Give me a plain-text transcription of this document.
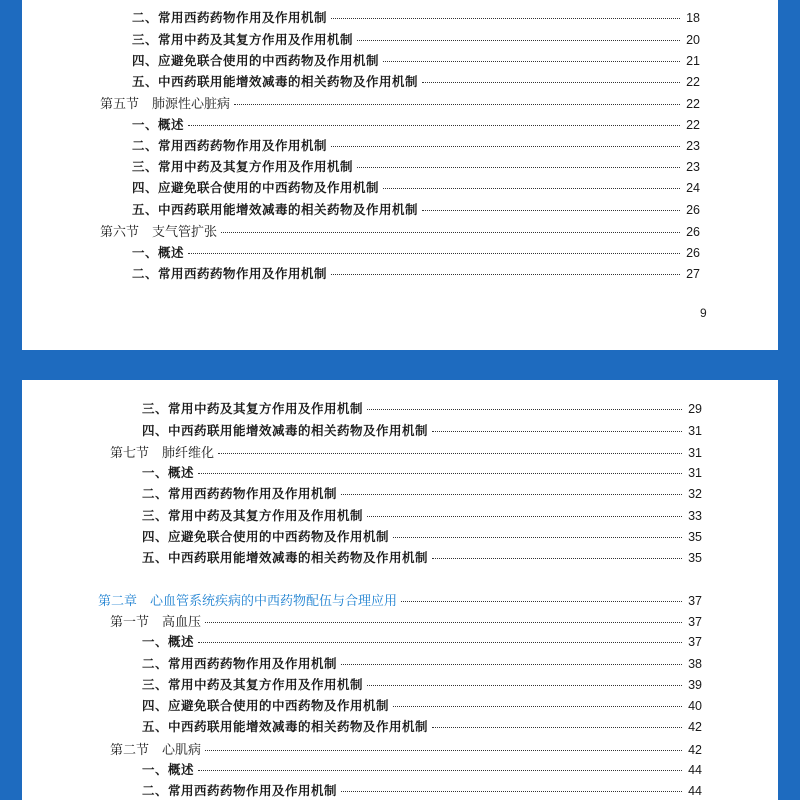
二、常用西药药物作用及作用机制	18
三、常用中药及其复方作用及作用机制	20
四、应避免联合使用的中西药物及作用机制	21
五、中西药联用能增效减毒的相关药物及作用机制	22
第五节　肺源性心脏病	22
一、概述	22
二、常用西药药物作用及作用机制	23
三、常用中药及其复方作用及作用机制	23
四、应避免联合使用的中西药物及作用机制	24
五、中西药联用能增效减毒的相关药物及作用机制	26
第六节　支气管扩张	26
一、概述	26
二、常用西药药物作用及作用机制	27
9
三、常用中药及其复方作用及作用机制	29
四、中西药联用能增效减毒的相关药物及作用机制	31
第七节　肺纤维化	31
一、概述	31
二、常用西药药物作用及作用机制	32
三、常用中药及其复方作用及作用机制	33
四、应避免联合使用的中西药物及作用机制	35
五、中西药联用能增效减毒的相关药物及作用机制	35
第二章　心血管系统疾病的中西药物配伍与合理应用	37
第一节　高血压	37
一、概述	37
二、常用西药药物作用及作用机制	38
三、常用中药及其复方作用及作用机制	39
四、应避免联合使用的中西药物及作用机制	40
五、中西药联用能增效减毒的相关药物及作用机制	42
第二节　心肌病	42
一、概述	44
二、常用西药药物作用及作用机制	44
